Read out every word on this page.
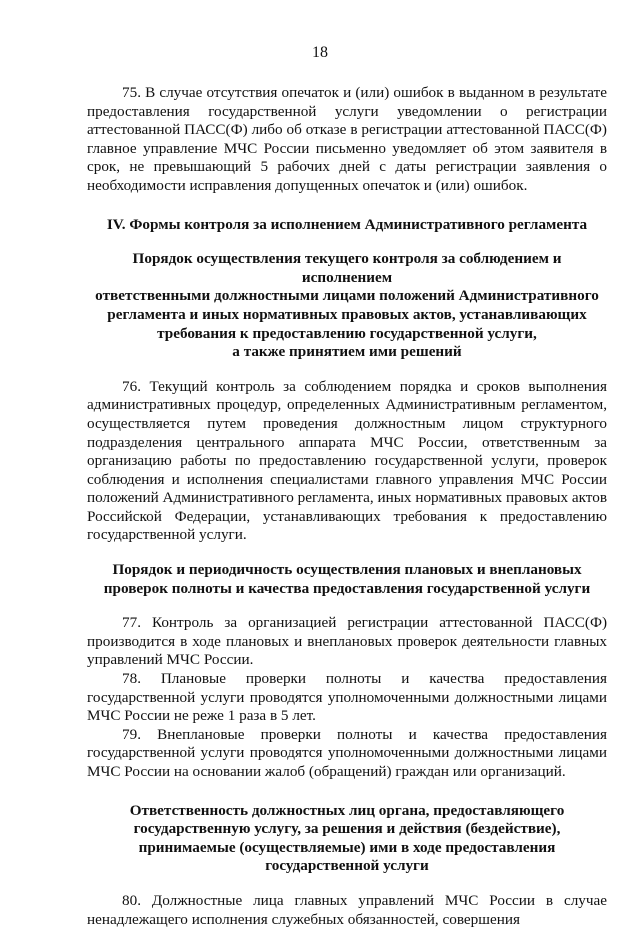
18

75. В случае отсутствия опечаток и (или) ошибок в выданном в результате предоставления государственной услуги уведомлении о регистрации аттестованной ПАСС(Ф) либо об отказе в регистрации аттестованной ПАСС(Ф) главное управление МЧС России письменно уведомляет об этом заявителя в срок, не превышающий 5 рабочих дней с даты регистрации заявления о необходимости исправления допущенных опечаток и (или) ошибок.

IV. Формы контроля за исполнением Административного регламента
Порядок осуществления текущего контроля за соблюдением и исполнением
ответственными должностными лицами положений Административного
регламента и иных нормативных правовых актов, устанавливающих
требования к предоставлению государственной услуги,
а также принятием ими решений

76. Текущий контроль за соблюдением порядка и сроков выполнения административных процедур, определенных Административным регламентом, осуществляется путем проведения должностным лицом структурного подразделения центрального аппарата МЧС России, ответственным за организацию работы по предоставлению государственной услуги, проверок соблюдения и исполнения специалистами главного управления МЧС России положений Административного регламента, иных нормативных правовых актов Российской Федерации, устанавливающих требования к предоставлению государственной услуги.

Порядок и периодичность осуществления плановых и внеплановых
проверок полноты и качества предоставления государственной услуги

77. Контроль за организацией регистрации аттестованной ПАСС(Ф) производится в ходе плановых и внеплановых проверок деятельности главных управлений МЧС России.

78. Плановые проверки полноты и качества предоставления государственной услуги проводятся уполномоченными должностными лицами МЧС России не реже 1 раза в 5 лет.

79. Внеплановые проверки полноты и качества предоставления государственной услуги проводятся уполномоченными должностными лицами МЧС России на основании жалоб (обращений) граждан или организаций.

Ответственность должностных лиц органа, предоставляющего
государственную услугу, за решения и действия (бездействие),
принимаемые (осуществляемые) ими в ходе предоставления
государственной услуги

80. Должностные лица главных управлений МЧС России в случае ненадлежащего исполнения служебных обязанностей, совершения
